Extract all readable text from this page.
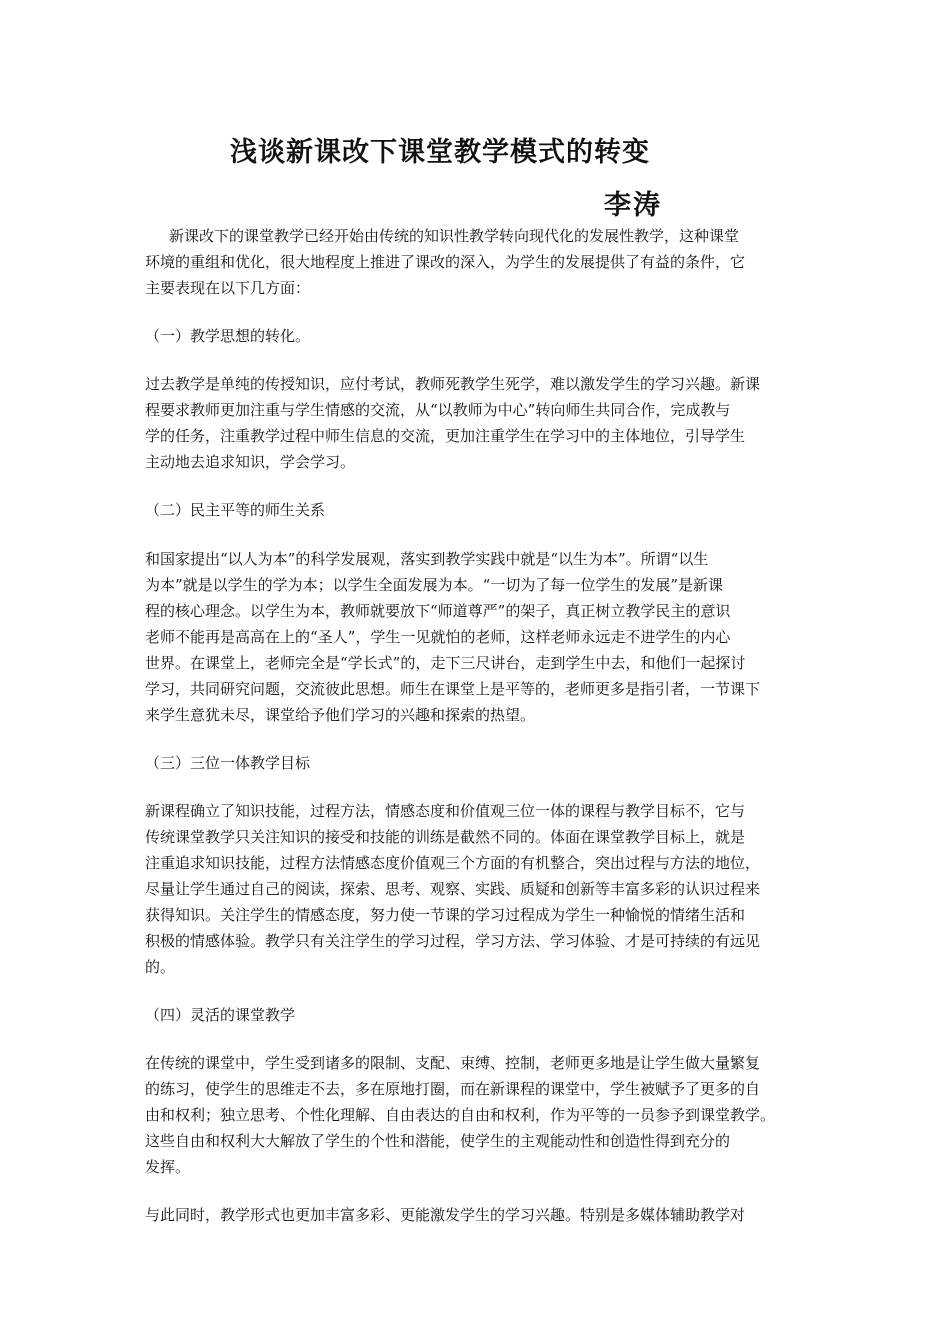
浅谈新课改下课堂教学模式的转变
李涛
新课改下的课堂教学已经开始由传统的知识性教学转向现代化的发展性教学，这种课堂
环境的重组和优化，很大地程度上推进了课改的深入，为学生的发展提供了有益的条件，它
主要表现在以下几方面：
（一）教学思想的转化。
过去教学是单纯的传授知识，应付考试，教师死教学生死学，难以激发学生的学习兴趣。新课
程要求教师更加注重与学生情感的交流，从“以教师为中心”转向师生共同合作，完成教与
学的任务，注重教学过程中师生信息的交流，更加注重学生在学习中的主体地位，引导学生
主动地去追求知识，学会学习。
（二）民主平等的师生关系
和国家提出“以人为本”的科学发展观，落实到教学实践中就是“以生为本”。所谓“以生
为本”就是以学生的学为本；以学生全面发展为本。“一切为了每一位学生的发展”是新课
程的核心理念。以学生为本，教师就要放下“师道尊严”的架子，真正树立教学民主的意识
老师不能再是高高在上的“圣人”，学生一见就怕的老师，这样老师永远走不进学生的内心
世界。在课堂上，老师完全是“学长式”的，走下三尺讲台，走到学生中去，和他们一起探讨
学习，共同研究问题，交流彼此思想。师生在课堂上是平等的，老师更多是指引者，一节课下
来学生意犹未尽，课堂给予他们学习的兴趣和探索的热望。
（三）三位一体教学目标
新课程确立了知识技能，过程方法，情感态度和价值观三位一体的课程与教学目标不，它与
传统课堂教学只关注知识的接受和技能的训练是截然不同的。体面在课堂教学目标上，就是
注重追求知识技能，过程方法情感态度价值观三个方面的有机整合，突出过程与方法的地位，
尽量让学生通过自己的阅读，探索、思考、观察、实践、质疑和创新等丰富多彩的认识过程来
获得知识。关注学生的情感态度，努力使一节课的学习过程成为学生一种愉悦的情绪生活和
积极的情感体验。教学只有关注学生的学习过程，学习方法、学习体验、才是可持续的有远见
的。
（四）灵活的课堂教学
在传统的课堂中，学生受到诸多的限制、支配、束缚、控制，老师更多地是让学生做大量繁复
的练习，使学生的思维走不去，多在原地打圈，而在新课程的课堂中，学生被赋予了更多的自
由和权利；独立思考、个性化理解、自由表达的自由和权利，作为平等的一员参予到课堂教学。
这些自由和权利大大解放了学生的个性和潜能，使学生的主观能动性和创造性得到充分的
发挥。
与此同时，教学形式也更加丰富多彩、更能激发学生的学习兴趣。特别是多媒体辅助教学对
